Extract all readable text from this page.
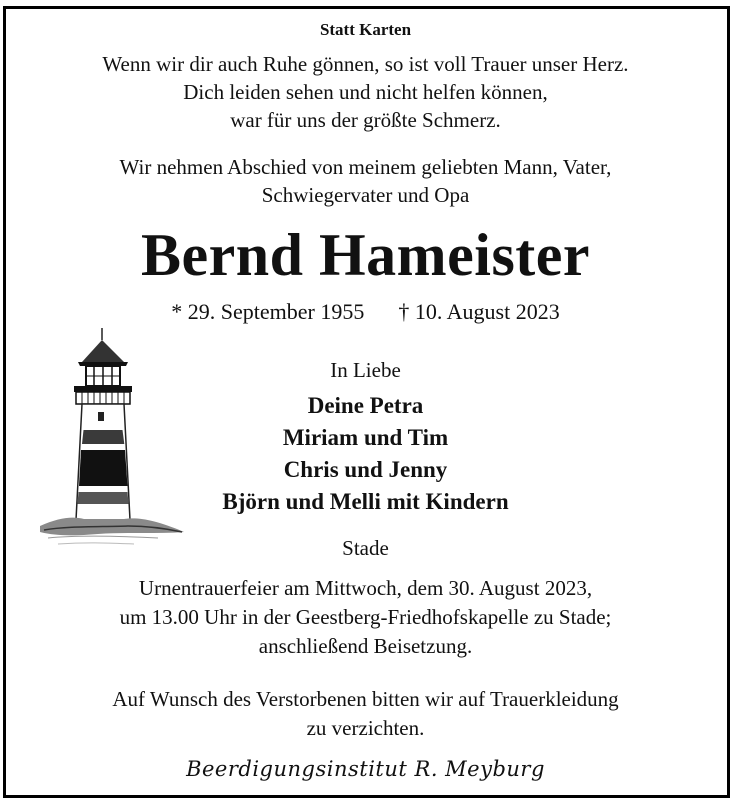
Statt Karten

Wenn wir dir auch Ruhe gönnen, so ist voll Trauer unser Herz.
Dich leiden sehen und nicht helfen können,
war für uns der größte Schmerz.
Wir nehmen Abschied von meinem geliebten Mann, Vater,
Schwiegervater und Opa
Bernd Hameister
* 29. September 1955 † 10. August 2023
In Liebe
Deine Petra
Miriam und Tim
Chris und Jenny
Björn und Melli mit Kindern
Stade
Urnentrauerfeier am Mittwoch, dem 30. August 2023,
um 13.00 Uhr in der Geestberg-Friedhofskapelle zu Stade;
anschließend Beisetzung.
Auf Wunsch des Verstorbenen bitten wir auf Trauerkleidung
zu verzichten.
Beerdigungsinstitut R. Meyburg
